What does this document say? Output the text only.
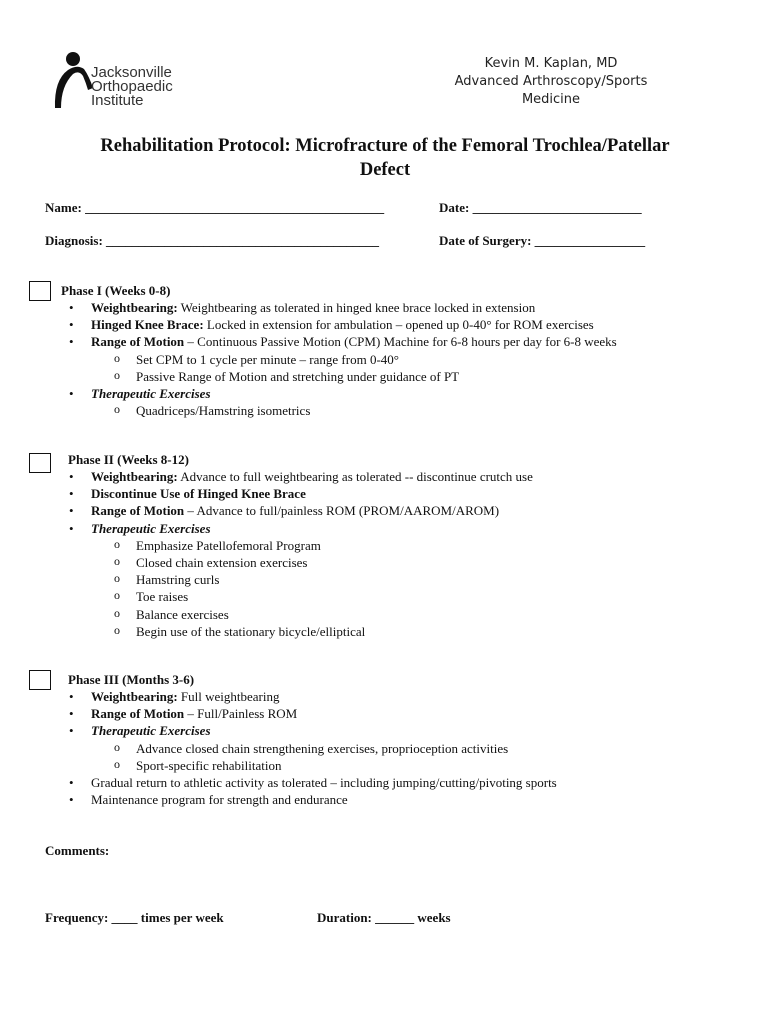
Jacksonville
Orthopaedic
Institute
Kevin M. Kaplan, MD
Advanced Arthroscopy/Sports
Medicine
Rehabilitation Protocol: Microfracture of the Femoral Trochlea/Patellar
Defect
Name: ______________________________________________	Date: __________________________
Diagnosis: __________________________________________	Date of Surgery: _________________
Phase I (Weeks 0-8)
• Weightbearing: Weightbearing as tolerated in hinged knee brace locked in extension
• Hinged Knee Brace: Locked in extension for ambulation – opened up 0-40° for ROM exercises
• Range of Motion – Continuous Passive Motion (CPM) Machine for 6-8 hours per day for 6-8 weeks
o Set CPM to 1 cycle per minute – range from 0-40°
o Passive Range of Motion and stretching under guidance of PT
• Therapeutic Exercises
o Quadriceps/Hamstring isometrics
Phase II (Weeks 8-12)
• Weightbearing: Advance to full weightbearing as tolerated -- discontinue crutch use
• Discontinue Use of Hinged Knee Brace
• Range of Motion – Advance to full/painless ROM (PROM/AAROM/AROM)
• Therapeutic Exercises
o Emphasize Patellofemoral Program
o Closed chain extension exercises
o Hamstring curls
o Toe raises
o Balance exercises
o Begin use of the stationary bicycle/elliptical
Phase III (Months 3-6)
• Weightbearing: Full weightbearing
• Range of Motion – Full/Painless ROM
• Therapeutic Exercises
o Advance closed chain strengthening exercises, proprioception activities
o Sport-specific rehabilitation
• Gradual return to athletic activity as tolerated – including jumping/cutting/pivoting sports
• Maintenance program for strength and endurance
Comments:
Frequency: ____ times per week	Duration: ______ weeks
